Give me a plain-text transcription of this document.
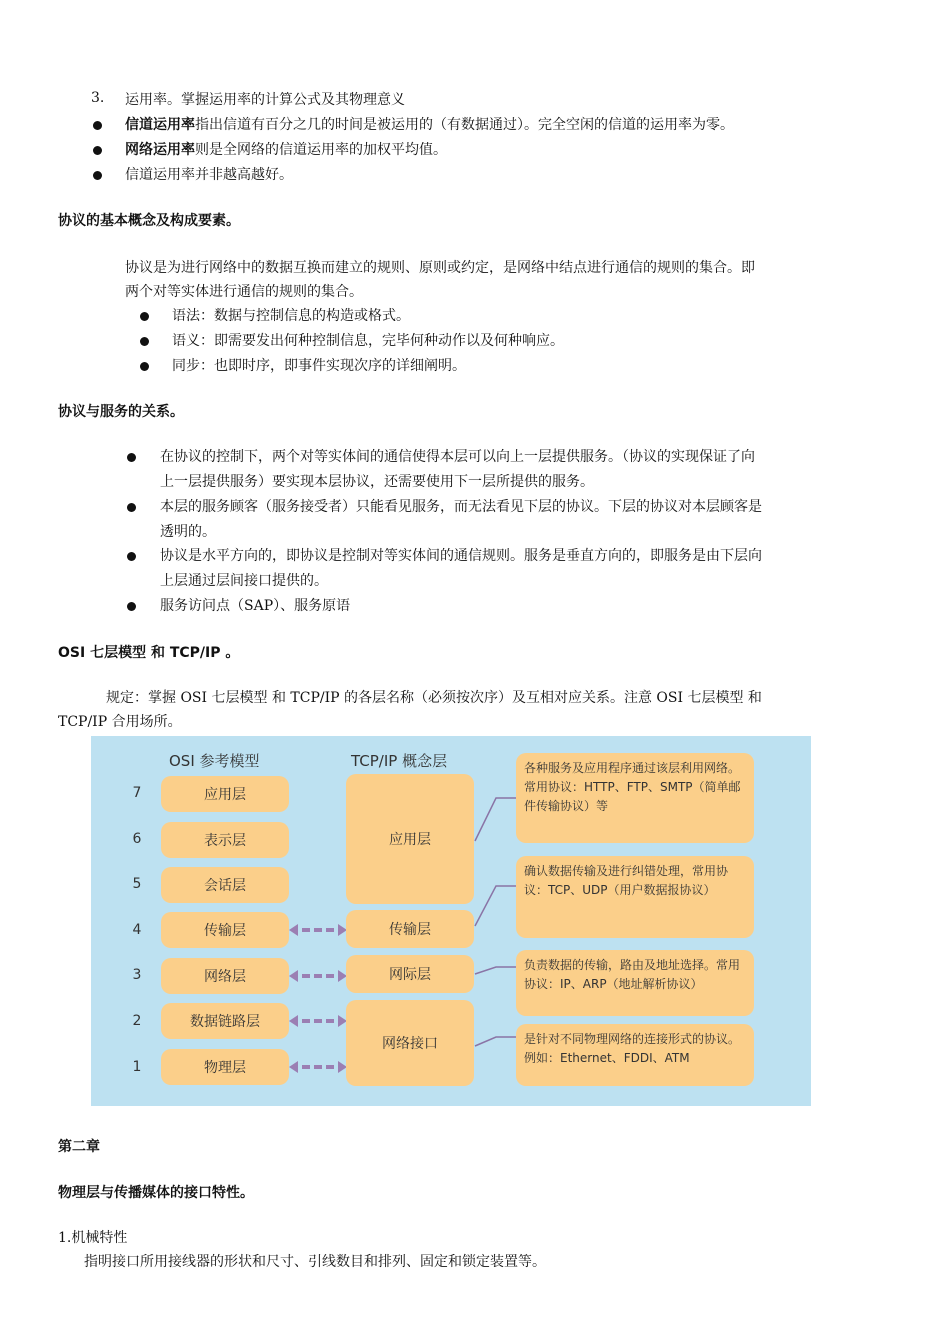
3. 运用率。掌握运用率的计算公式及其物理意义
信道运用率指出信道有百分之几的时间是被运用的（有数据通过）。完全空闲的信道的运用率为零。
网络运用率则是全网络的信道运用率的加权平均值。
信道运用率并非越高越好。
协议的基本概念及构成要素。
协议是为进行网络中的数据互换而建立的规则、原则或约定，是网络中结点进行通信的规则的集合。即
两个对等实体进行通信的规则的集合。
语法：数据与控制信息的构造或格式。
语义：即需要发出何种控制信息，完毕何种动作以及何种响应。
同步：也即时序，即事件实现次序的详细阐明。
协议与服务的关系。
在协议的控制下，两个对等实体间的通信使得本层可以向上一层提供服务。（协议的实现保证了向
上一层提供服务）要实现本层协议，还需要使用下一层所提供的服务。
本层的服务顾客（服务接受者）只能看见服务，而无法看见下层的协议。下层的协议对本层顾客是
透明的。
协议是水平方向的，即协议是控制对等实体间的通信规则。服务是垂直方向的，即服务是由下层向
上层通过层间接口提供的。
服务访问点（SAP）、服务原语
OSI 七层模型 和 TCP/IP 。
规定：掌握 OSI 七层模型 和 TCP/IP 的各层名称（必须按次序）及互相对应关系。注意 OSI 七层模型 和
TCP/IP 合用场所。
OSI 参考模型	TCP/IP 概念层
7
6
5
4
3
2
1
应用层
表示层
会话层
传输层
网络层
数据链路层
物理层
应用层
传输层
网际层
网络接口
各种服务及应用程序通过该层利用网络。常用协议：HTTP、FTP、SMTP（简单邮件传输协议）等
确认数据传输及进行纠错处理，常用协议：TCP、UDP（用户数据报协议）
负责数据的传输，路由及地址选择。常用协议：IP、ARP（地址解析协议）
是针对不同物理网络的连接形式的协议。例如：Ethernet、FDDI、ATM
第二章
物理层与传播媒体的接口特性。
1.机械特性
指明接口所用接线器的形状和尺寸、引线数目和排列、固定和锁定装置等。
